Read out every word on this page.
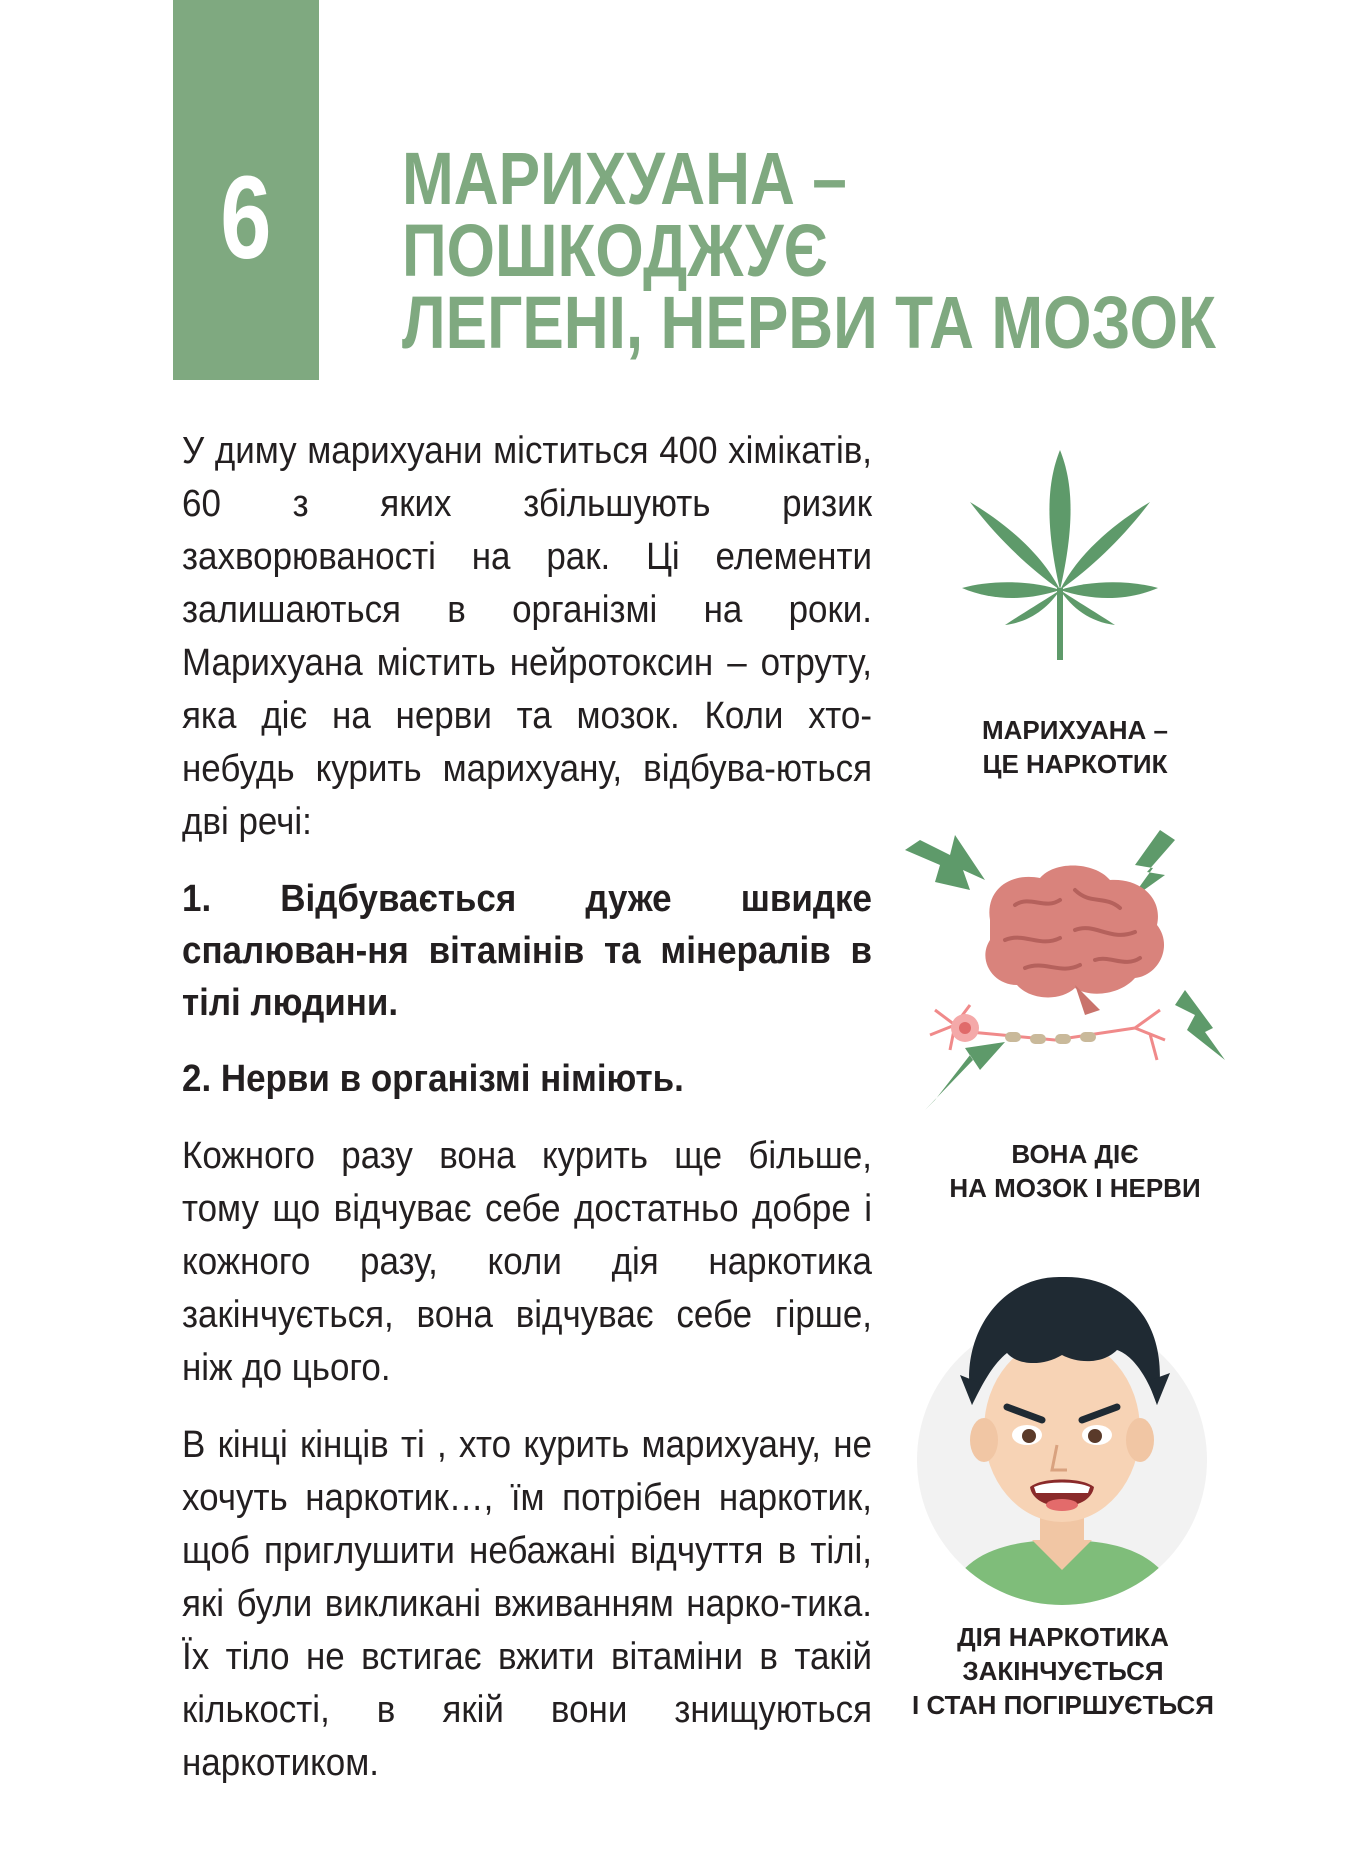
6 МАРИХУАНА –
ПОШКОДЖУЄ
ЛЕГЕНІ, НЕРВИ ТА МОЗОК

У диму марихуани міститься 400 хімікатів, 60 з яких збільшують ризик захворюваності на рак. Ці елементи залишаються в організмі на роки. Марихуана містить нейротоксин – отруту, яка діє на нерви та мозок. Коли хто-небудь курить марихуану, відбува-ються дві речі:

1. Відбувається дуже швидке спалюван-ня вітамінів та мінералів в тілі людини.

2. Нерви в організмі німіють.

Кожного разу вона курить ще більше, тому що відчуває себе достатньо добре і кожного разу, коли дія наркотика закінчується, вона відчуває себе гірше, ніж до цього.

В кінці кінців ті , хто курить марихуану, не хочуть наркотик…, їм потрібен наркотик, щоб приглушити небажані відчуття в тілі, які були викликані вживанням нарко-тика. Їх тіло не встигає вжити вітаміни в такій кількості, в якій вони знищуються наркотиком.

МАРИХУАНА –
ЦЕ НАРКОТИК
ВОНА ДІЄ
НА МОЗОК І НЕРВИ
ДІЯ НАРКОТИКА
ЗАКІНЧУЄТЬСЯ
І СТАН ПОГІРШУЄТЬСЯ
